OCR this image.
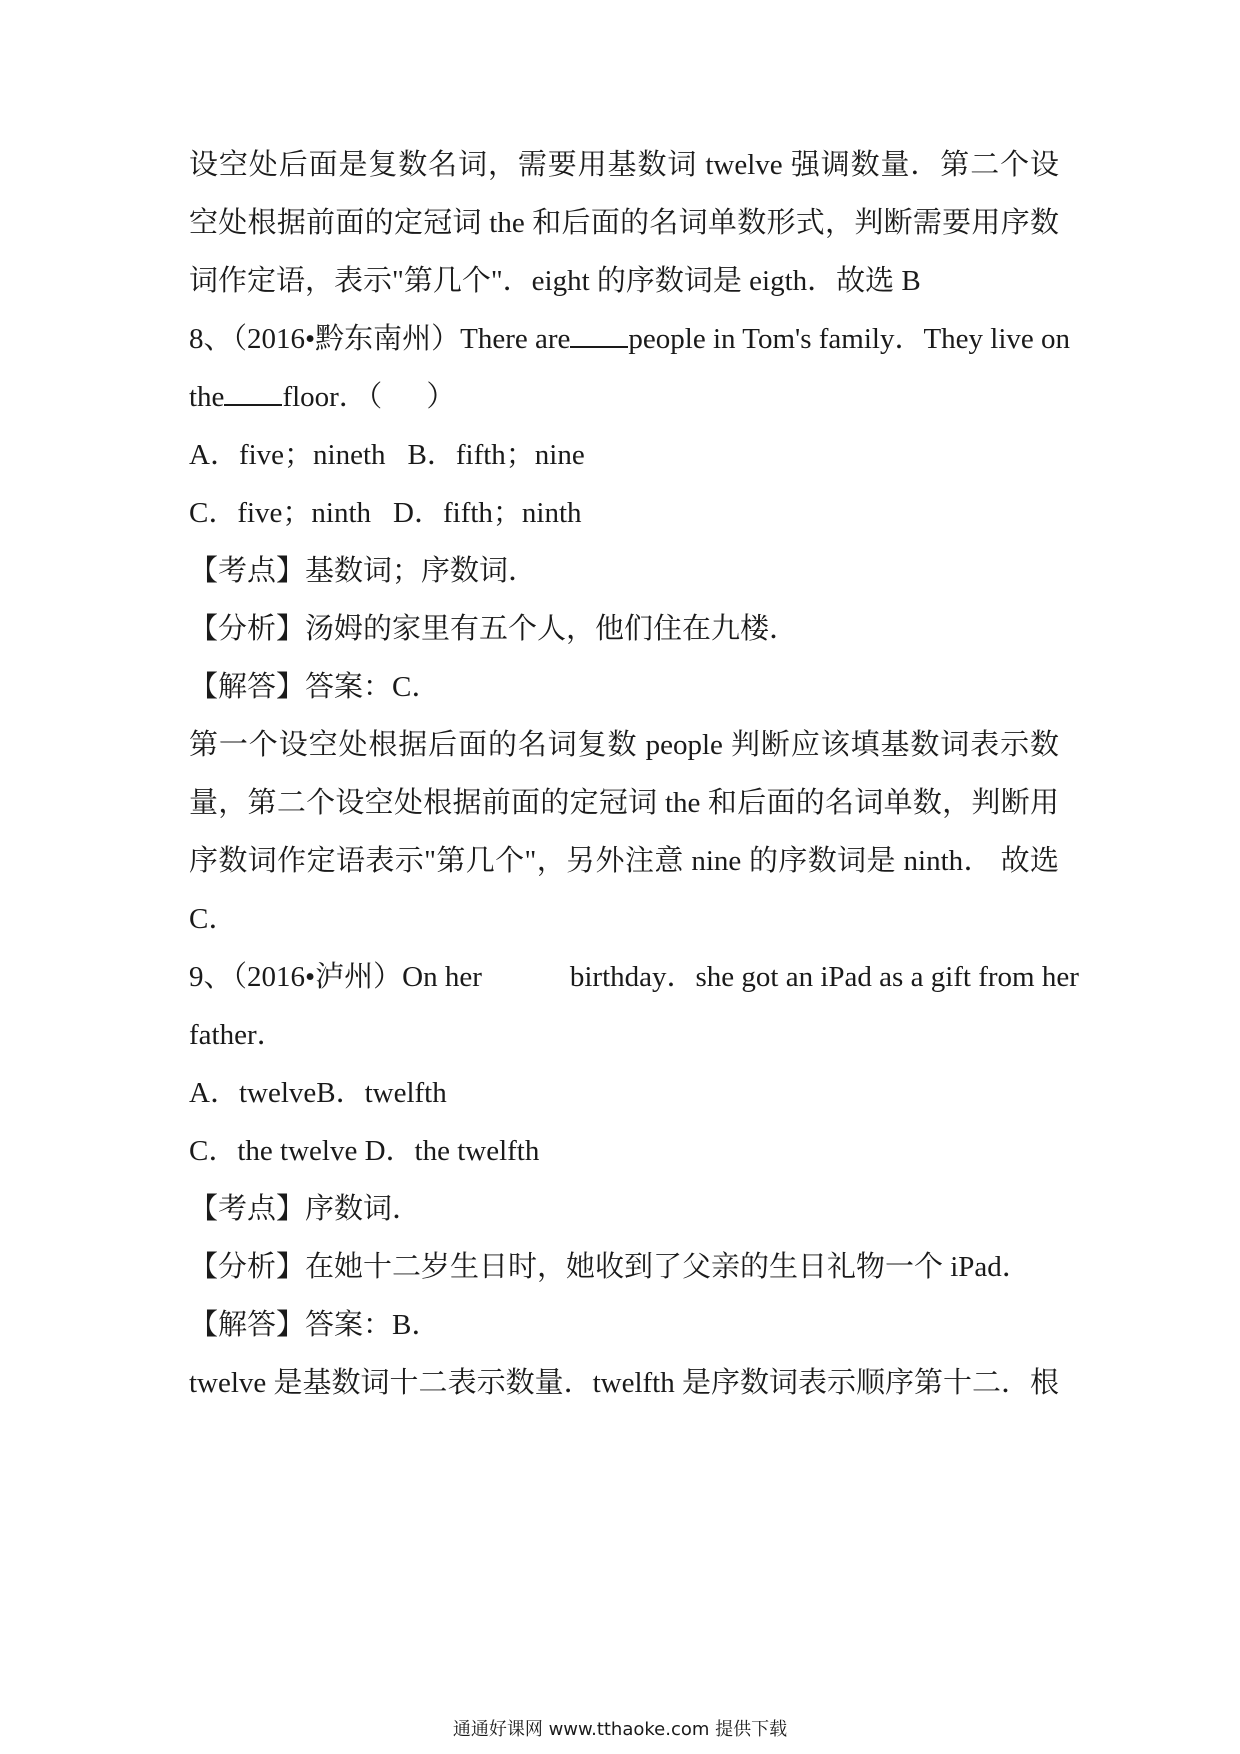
设空处后面是复数名词，需要用基数词 twelve 强调数量．第二个设
空处根据前面的定冠词 the 和后面的名词单数形式，判断需要用序数
词作定语，表示"第几个"．eight 的序数词是 eigth．故选 B
8、（2016•黔东南州）There are people in Tom's family．They live on
the floor．（ ）
A．five；nineth B．fifth；nine
C．five；ninth D．fifth；ninth
【考点】基数词；序数词．
【分析】汤姆的家里有五个人，他们住在九楼．
【解答】答案：C．
第一个设空处根据后面的名词复数 people 判断应该填基数词表示数
量，第二个设空处根据前面的定冠词 the 和后面的名词单数，判断用
序数词作定语表示"第几个"，另外注意 nine 的序数词是 ninth． 故选
C．
9、（2016•泸州）On her	birthday．she got an iPad as a gift from her
father．
A．twelveB．twelfth
C．the twelve D．the twelfth
【考点】序数词．
【分析】在她十二岁生日时，她收到了父亲的生日礼物一个 iPad．
【解答】答案：B．
twelve 是基数词十二表示数量．twelfth 是序数词表示顺序第十二．根
通通好课网 www.tthaoke.com 提供下载
